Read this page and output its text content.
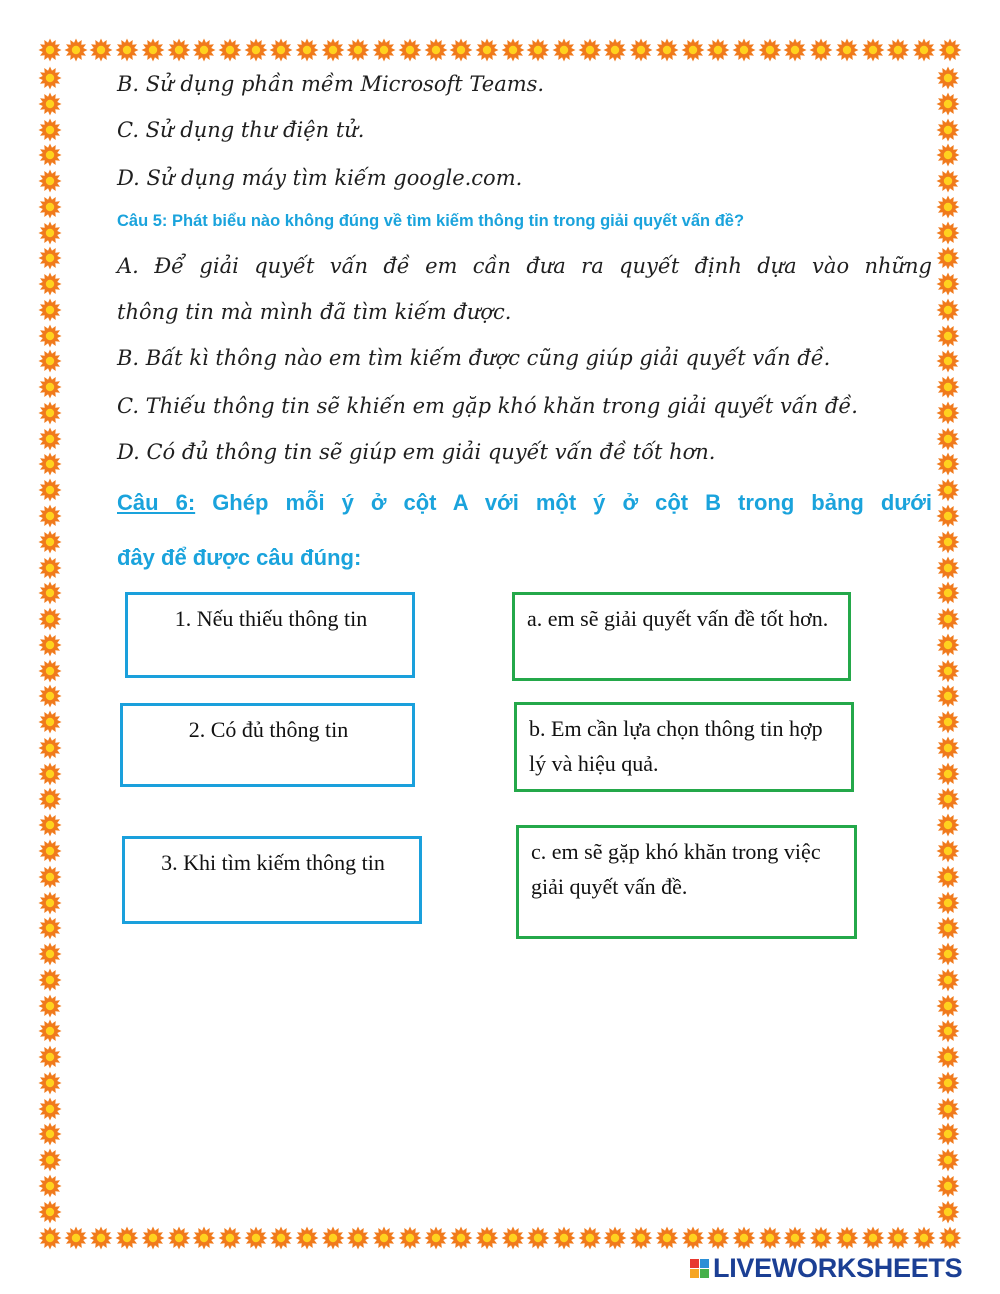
B. Sử dụng phần mềm Microsoft Teams.

C. Sử dụng thư điện tử.

D. Sử dụng máy tìm kiếm google.com.

Câu 5: Phát biểu nào không đúng về tìm kiếm thông tin trong giải quyết vấn đề?

A. Để giải quyết vấn đề em cần đưa ra quyết định dựa vào những

thông tin mà mình đã tìm kiếm được.

B. Bất kì thông nào em tìm kiếm được cũng giúp giải quyết vấn đề.

C. Thiếu thông tin sẽ khiến em gặp khó khăn trong giải quyết vấn đề.

D. Có đủ thông tin sẽ giúp em giải quyết vấn đề tốt hơn.

Câu 6: Ghép mỗi ý ở cột A với một ý ở cột B trong bảng dưới

đây để được câu đúng:

1. Nếu thiếu thông tin
2. Có đủ thông tin
3. Khi tìm kiếm thông tin
a. em sẽ giải quyết vấn đề tốt hơn.
b. Em cần lựa chọn thông tin hợp lý và hiệu quả.
c. em sẽ gặp khó khăn trong việc giải quyết vấn đề.
LIVEWORKSHEETS
